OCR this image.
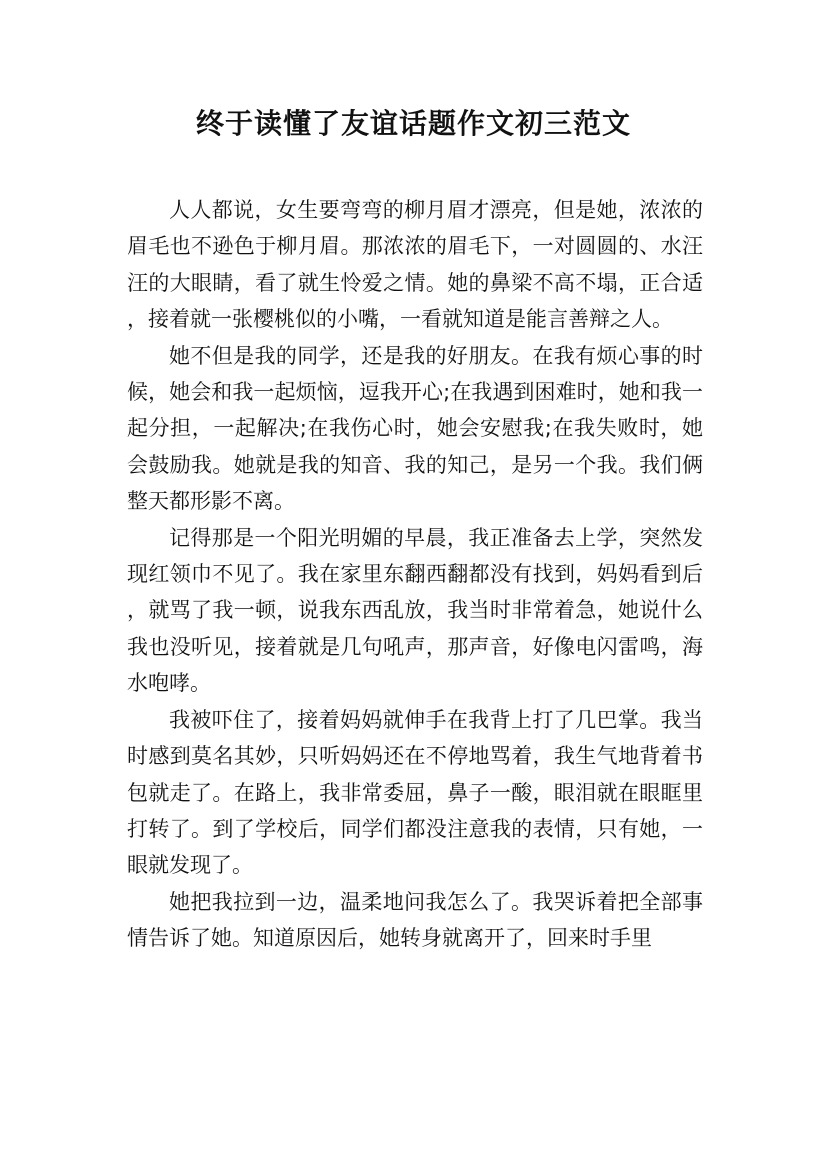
终于读懂了友谊话题作文初三范文

人人都说，女生要弯弯的柳月眉才漂亮，但是她，浓浓的眉毛也不逊色于柳月眉。那浓浓的眉毛下，一对圆圆的、水汪汪的大眼睛，看了就生怜爱之情。她的鼻梁不高不塌，正合适，接着就一张樱桃似的小嘴，一看就知道是能言善辩之人。

她不但是我的同学，还是我的好朋友。在我有烦心事的时候，她会和我一起烦恼，逗我开心;在我遇到困难时，她和我一起分担，一起解决;在我伤心时，她会安慰我;在我失败时，她会鼓励我。她就是我的知音、我的知己，是另一个我。我们俩整天都形影不离。

记得那是一个阳光明媚的早晨，我正准备去上学，突然发现红领巾不见了。我在家里东翻西翻都没有找到，妈妈看到后，就骂了我一顿，说我东西乱放，我当时非常着急，她说什么我也没听见，接着就是几句吼声，那声音，好像电闪雷鸣，海水咆哮。

我被吓住了，接着妈妈就伸手在我背上打了几巴掌。我当时感到莫名其妙，只听妈妈还在不停地骂着，我生气地背着书包就走了。在路上，我非常委屈，鼻子一酸，眼泪就在眼眶里打转了。到了学校后，同学们都没注意我的表情，只有她，一眼就发现了。

她把我拉到一边，温柔地问我怎么了。我哭诉着把全部事情告诉了她。知道原因后，她转身就离开了，回来时手里
